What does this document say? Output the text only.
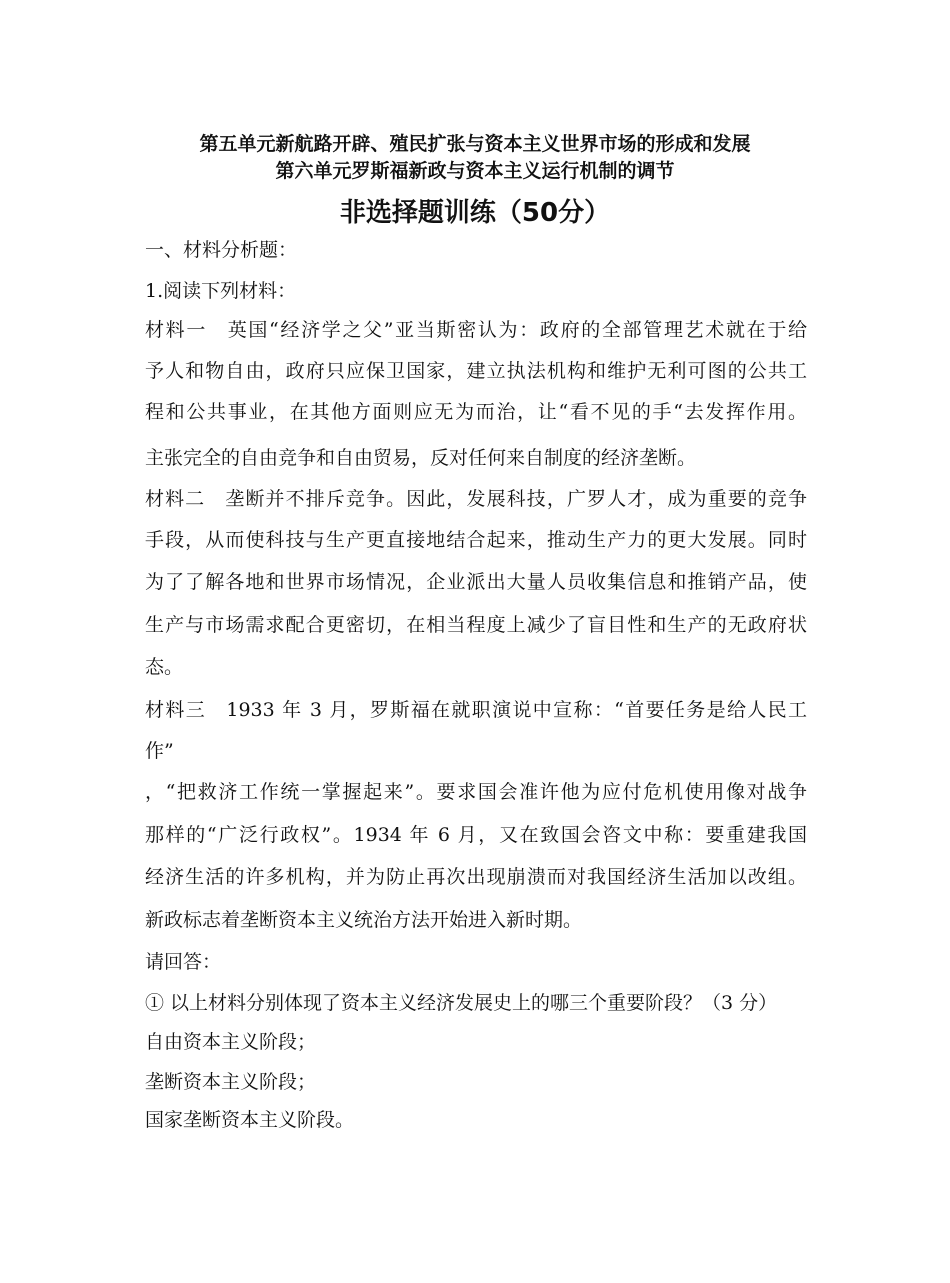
第五单元新航路开辟、殖民扩张与资本主义世界市场的形成和发展
第六单元罗斯福新政与资本主义运行机制的调节
非选择题训练（50分）
一、材料分析题：
1.阅读下列材料：
材料一　英国“经济学之父”亚当斯密认为：政府的全部管理艺术就在于给
予人和物自由，政府只应保卫国家，建立执法机构和维护无利可图的公共工
程和公共事业，在其他方面则应无为而治，让“看不见的手“去发挥作用。
主张完全的自由竞争和自由贸易，反对任何来自制度的经济垄断。
材料二　垄断并不排斥竞争。因此，发展科技，广罗人才，成为重要的竞争
手段，从而使科技与生产更直接地结合起来，推动生产力的更大发展。同时
为了了解各地和世界市场情况，企业派出大量人员收集信息和推销产品，使
生产与市场需求配合更密切，在相当程度上减少了盲目性和生产的无政府状
态。
材料三　1933 年 3 月，罗斯福在就职演说中宣称：“首要任务是给人民工
作”
，“把救济工作统一掌握起来”。要求国会准许他为应付危机使用像对战争
那样的“广泛行政权”。1934 年 6 月，又在致国会咨文中称：要重建我国
经济生活的许多机构，并为防止再次出现崩溃而对我国经济生活加以改组。
新政标志着垄断资本主义统治方法开始进入新时期。
请回答：
① 以上材料分别体现了资本主义经济发展史上的哪三个重要阶段？（3 分）
自由资本主义阶段；
垄断资本主义阶段；
国家垄断资本主义阶段。
